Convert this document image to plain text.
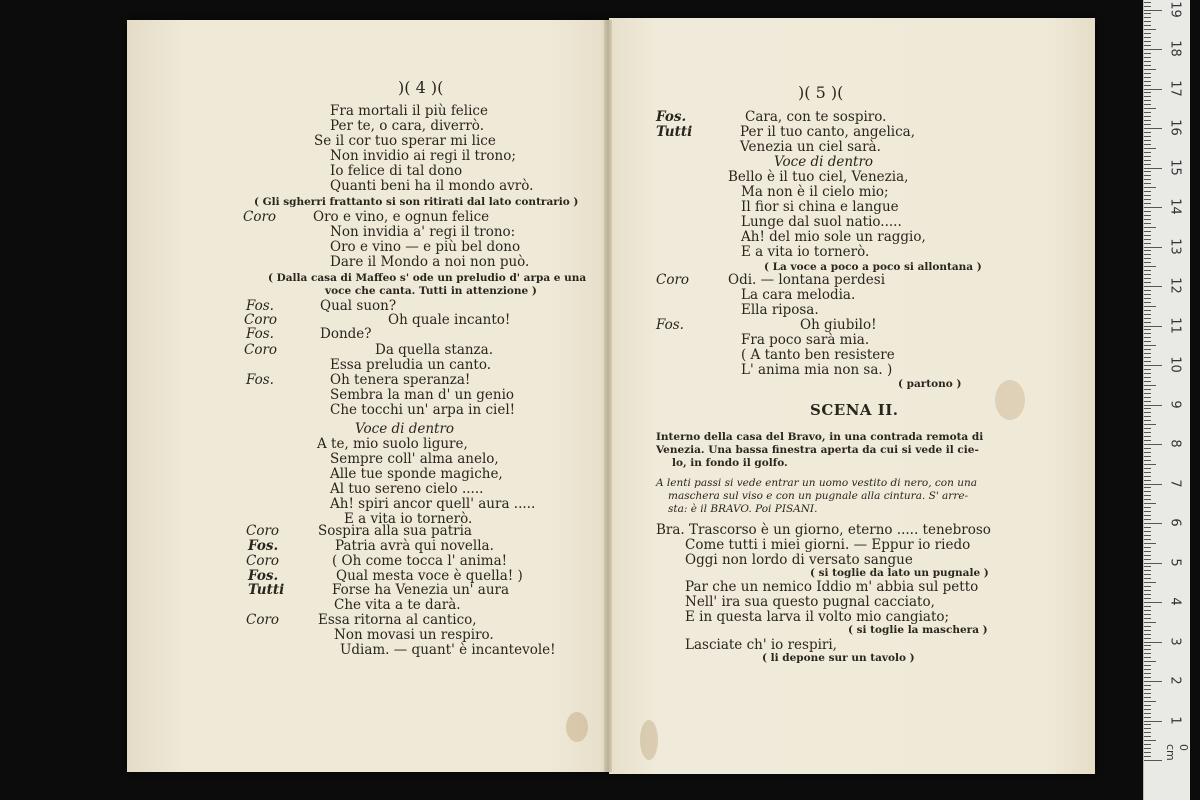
)( 4 )(	)( 5 )(
Fra mortali il più felice
Per te, o cara, diverrò.
Se il cor tuo sperar mi lice
Non invidio ai regi il trono;
Io felice di tal dono
Quanti beni ha il mondo avrò.
( Gli sgherri frattanto si son ritirati dal lato contrario )
Coro	Oro e vino, e ognun felice
Non invidia a' regi il trono:
Oro e vino — e più bel dono
Dare il Mondo a noi non può.
( Dalla casa di Maffeo s' ode un preludio d' arpa e una
voce che canta. Tutti in attenzione )
Fos.	Qual suon?
Coro	Oh quale incanto!
Fos.	Donde?
Coro	Da quella stanza.
Essa preludia un canto.
Fos.	Oh tenera speranza!
Sembra la man d' un genio
Che tocchi un' arpa in ciel!
Voce di dentro
A te, mio suolo ligure,
Sempre coll' alma anelo,
Alle tue sponde magiche,
Al tuo sereno cielo .....
Ah! spiri ancor quell' aura .....
E a vita io tornerò.
Coro	Sospira alla sua patria
Fos.	Patria avrà qui novella.
Coro	( Oh come tocca l' anima!
Fos.	Qual mesta voce è quella! )
Tutti	Forse ha Venezia un' aura
Che vita a te darà.
Coro	Essa ritorna al cantico,
Non movasi un respiro.
Udiam. — quant' è incantevole!
Fos.	Cara, con te sospiro.
Tutti	Per il tuo canto, angelica,
Venezia un ciel sarà.
Voce di dentro
Bello è il tuo ciel, Venezia,
Ma non è il cielo mio;
Il fior si china e langue
Lunge dal suol natio.....
Ah! del mio sole un raggio,
E a vita io tornerò.
( La voce a poco a poco si allontana )
Coro	Odi. — lontana perdesi
La cara melodia.
Ella riposa.
Fos.	Oh giubilo!
Fra poco sarà mia.
( A tanto ben resistere
L' anima mia non sa. )
( partono )
SCENA II.
Interno della casa del Bravo, in una contrada remota di
Venezia. Una bassa finestra aperta da cui si vede il cie-
lo, in fondo il golfo.
A lenti passi si vede entrar un uomo vestito di nero, con una
maschera sul viso e con un pugnale alla cintura. S' arre-
sta: è il BRAVO. Poi PISANI.
Bra. Trascorso è un giorno, eterno ..... tenebroso
Come tutti i miei giorni. — Eppur io riedo
Oggi non lordo di versato sangue
( si toglie da lato un pugnale )
Par che un nemico Iddio m' abbia sul petto
Nell' ira sua questo pugnal cacciato,
E in questa larva il volto mio cangiato;
( si toglie la maschera )
Lasciate ch' io respiri,
( li depone sur un tavolo )
0 cm
19
18
17
16
15
14
13
12
11
10
9
8
7
6
5
4
3
2
1
